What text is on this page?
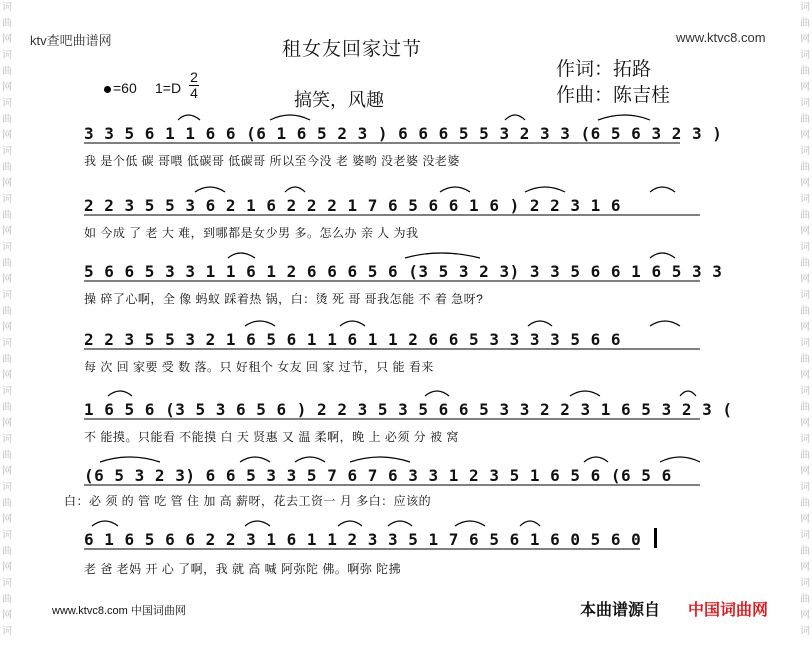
词
曲
网
词
曲
网
词
曲
网
词
曲
网
词
曲
网
词
曲
网
词
曲
网
词
曲
网
词
曲
网
词
曲
网
词
曲
网
词
曲
网
词
曲
网
词
词
曲
网
词
曲
网
词
曲
网
词
曲
网
词
曲
网
词
曲
网
词
曲
网
词
曲
网
词
曲
网
词
曲
网
词
曲
网
词
曲
网
词
曲
网
词
ktv查吧曲谱网	www.ktvc8.com
租女友回家过节
作词：拓路
作曲：陈吉桂
=60 1=D
2
4	搞笑，风趣
3 3 5 6 1 1 6 6 (6 1 6 5 2 3 ) 6 6 6 5 5 3 2 3 3 (6 5 6 3 2 3 )
我 是个低 碳 哥喂 低碳哥 低碳哥 所以至今没 老 婆哟 没老婆 没老婆
2 2 3 5 5 3 6 2 1 6 2 2 2 1 7 6 5 6 6 1 6 ) 2 2 3 1 6
如 今成 了 老 大 难，到哪都是女少男 多。怎么办 亲 人 为我
5 6 6 5 3 3 1 1 6 1 2 6 6 6 5 6 (3 5 3 2 3) 3 3 5 6 6 1 6 5 3 3
操 碎了心啊，全 像 蚂蚁 踩着热 锅，白：烫 死 哥 哥我怎能 不 着 急呀?
2 2 3 5 5 3 2 1 6 5 6 1 1 6 1 1 2 6 6 5 3 3 3 3 5 6 6
每 次 回 家要 受 数 落。只 好租个 女友 回 家 过节，只 能 看来
1 6 5 6 (3 5 3 6 5 6 ) 2 2 3 5 3 5 6 6 5 3 3 2 2 3 1 6 5 3 2 3 (
不 能摸。只能看 不能摸 白 天 贤惠 又 温 柔啊，晚 上 必须 分 被 窝
(6 5 3 2 3) 6 6 5 3 3 5 7 6 7 6 3 3 1 2 3 5 1 6 5 6 (6 5 6
白：必 须 的 管 吃 管 住 加 高 薪呀，花去工资一 月 多白：应该的
6 1 6 5 6 6 2 2 3 1 6 1 1 2 3 3 5 1 7 6 5 6 1 6 0 5 6 0
老 爸 老妈 开 心 了啊，我 就 高 喊 阿弥陀 佛。啊弥 陀拂
www.ktvc8.com 中国词曲网	本曲谱源自 中国词曲网
